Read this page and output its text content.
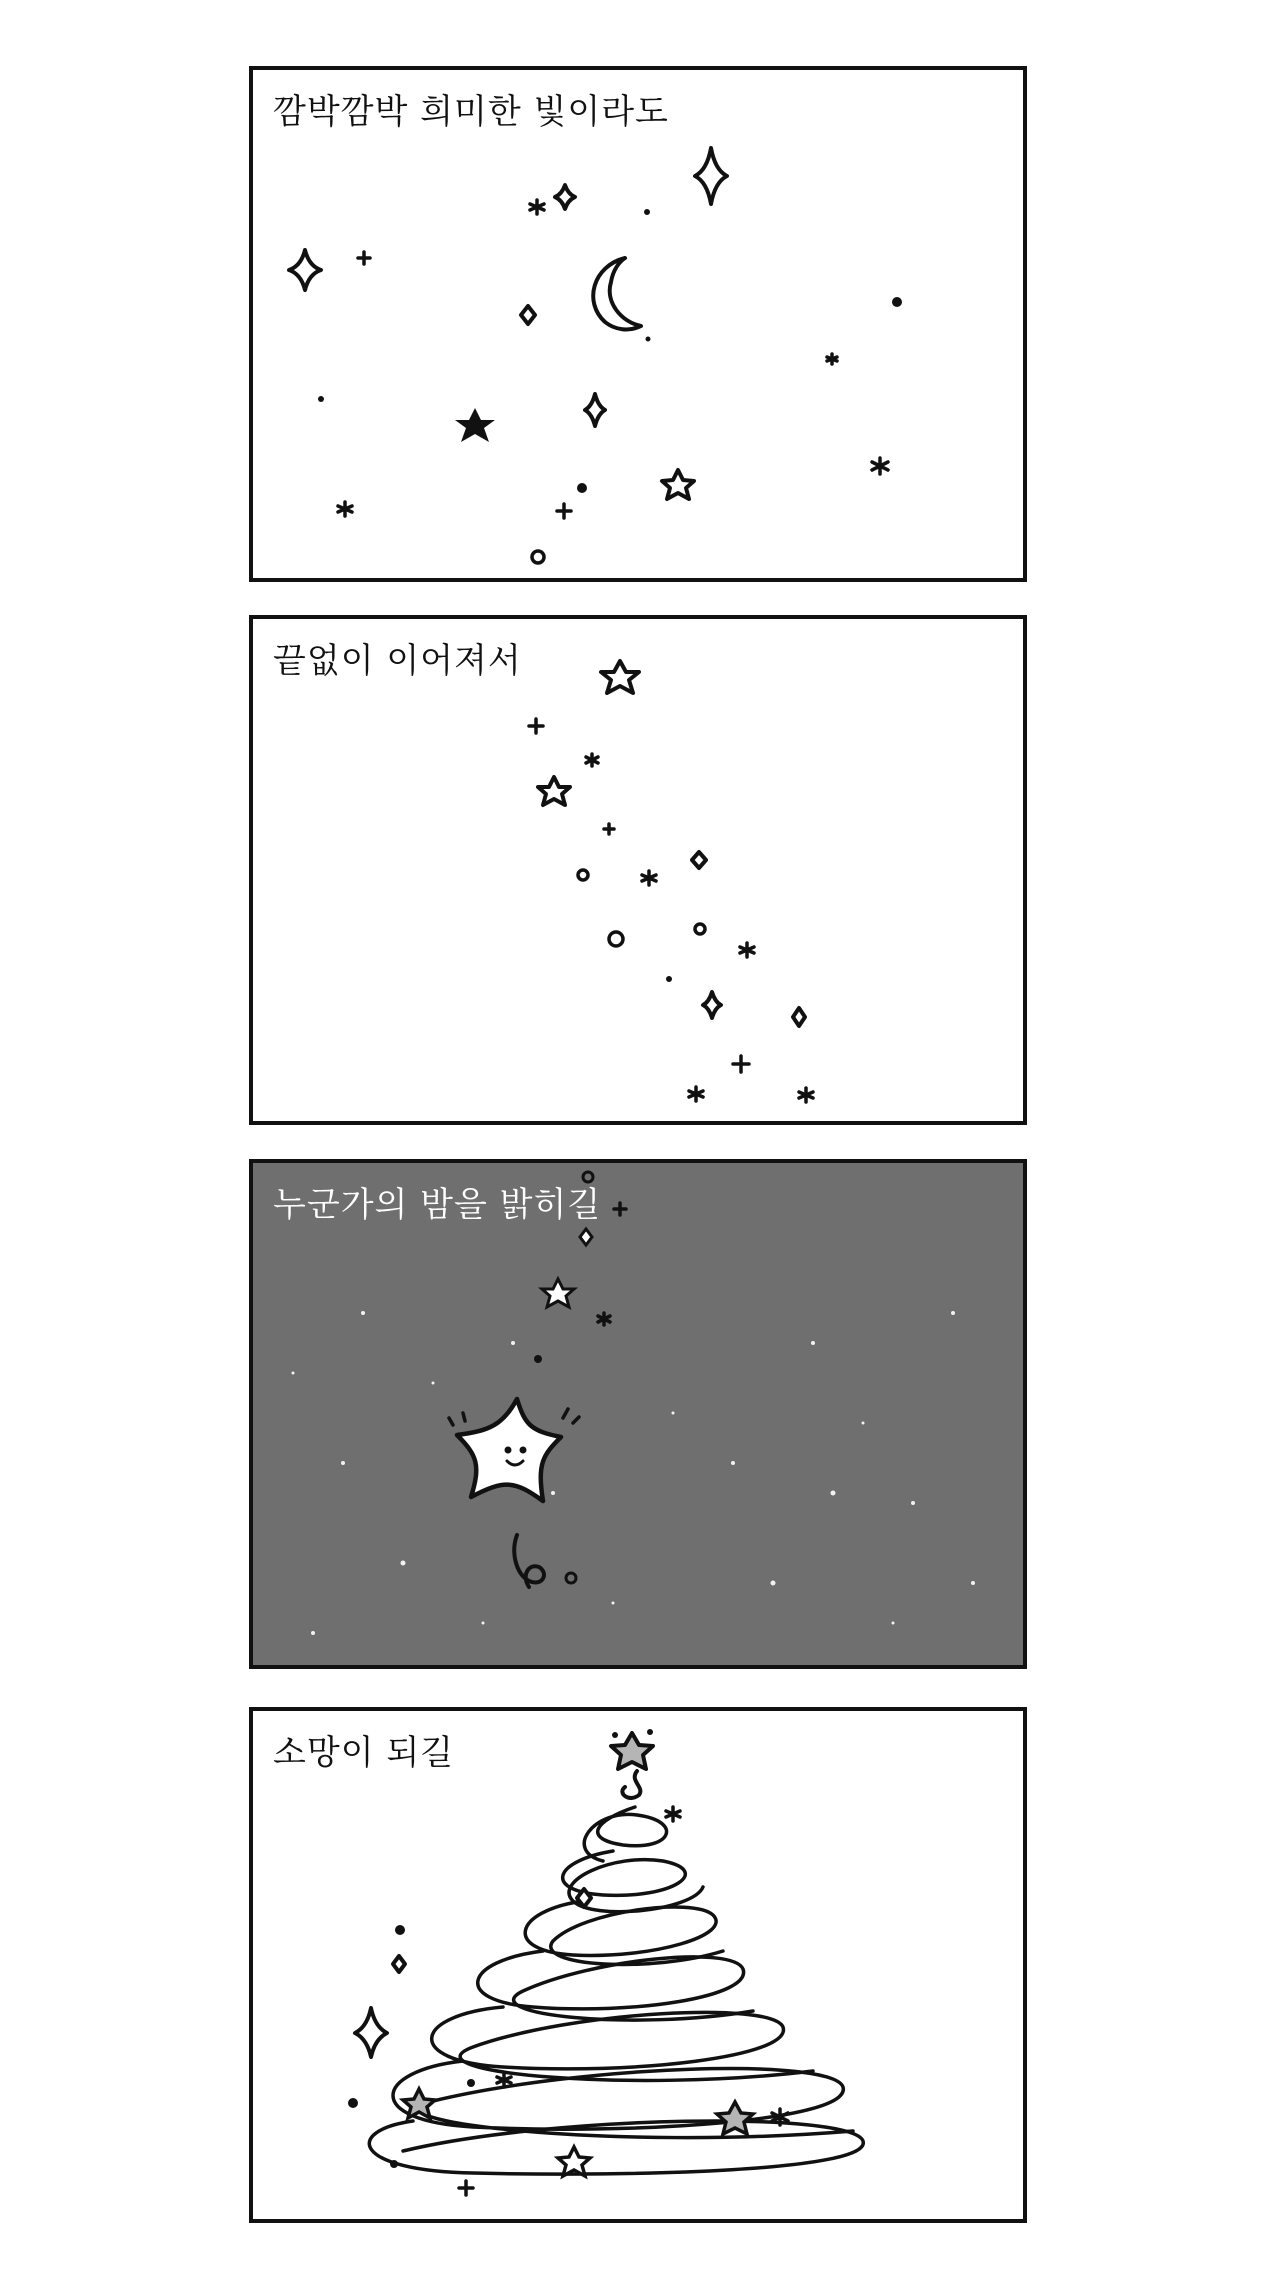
깜박깜박 희미한 빛이라도
끝없이 이어져서
누군가의 밤을 밝히길
소망이 되길
